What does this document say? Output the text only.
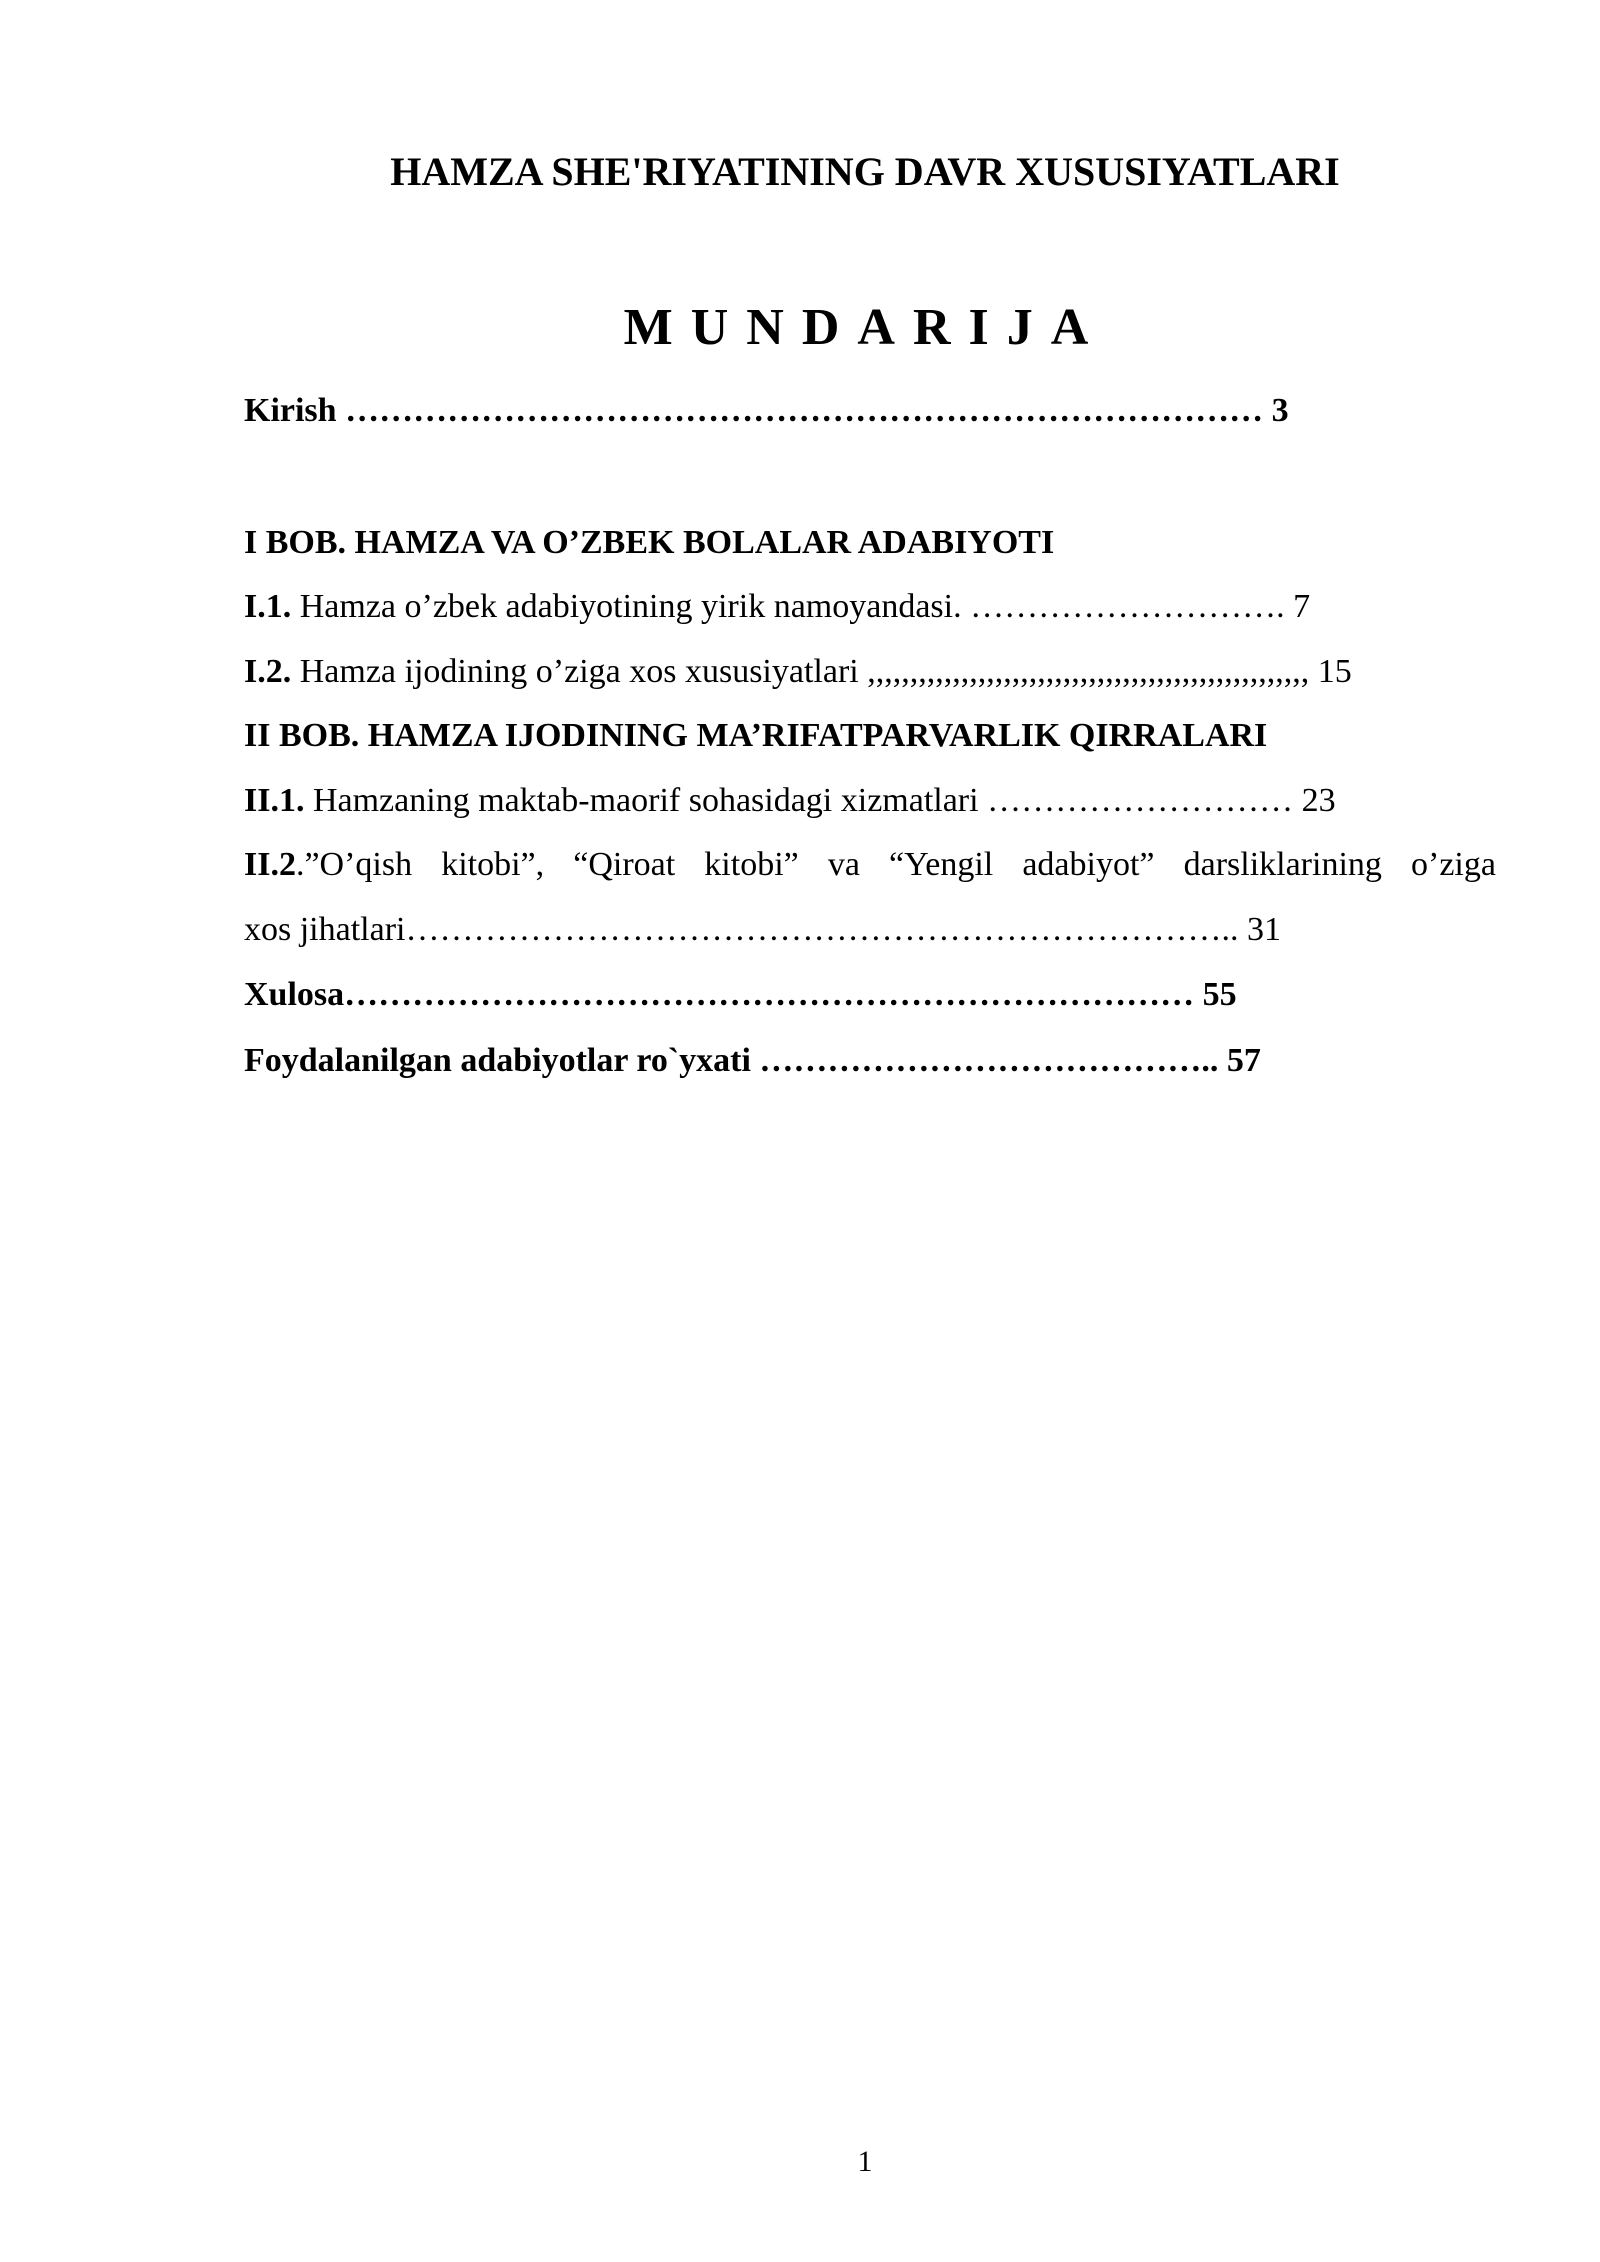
HAMZA SHE'RIYATINING DAVR XUSUSIYATLARI
MUNDARIJA
Kirish ……………………………………………………………………… 3
I BOB. HAMZA VA O’ZBEK BOLALAR ADABIYOTI
I.1. Hamza o’zbek adabiyotining yirik namoyandasi. ………………………. 7
I.2. Hamza ijodining o’ziga xos xususiyatlari ,,,,,,,,,,,,,,,,,,,,,,,,,,,,,,,,,,,,,,,,,,,,,,,,,,,, 15
II BOB. HAMZA IJODINING MA’RIFATPARVARLIK QIRRALARI
II.1. Hamzaning maktab-maorif sohasidagi xizmatlari ……………………… 23
II.2.”O’qish kitobi”, “Qiroat kitobi” va “Yengil adabiyot” darsliklarining o’ziga
xos jihatlari……………………………………………………………….. 31
Xulosa………………………………………………………………… 55
Foydalanilgan adabiyotlar ro`yxati ………………………………….. 57
1
